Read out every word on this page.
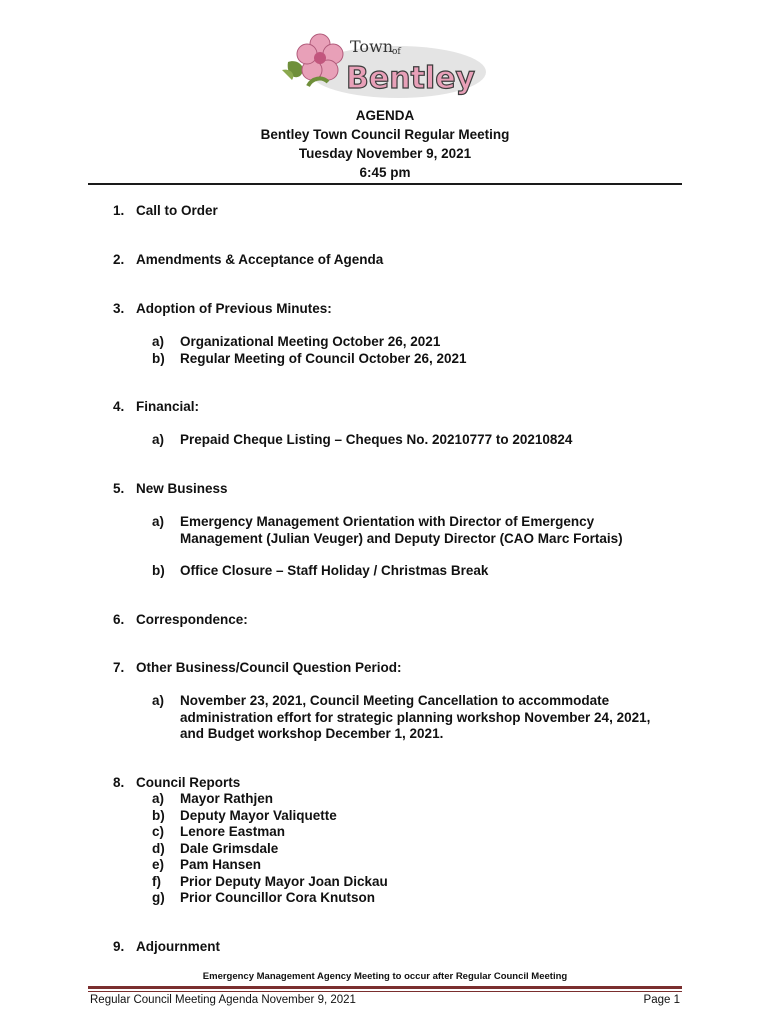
Town
of
Bentley
AGENDA
Bentley Town Council Regular Meeting
Tuesday November 9, 2021
6:45 pm
1. Call to Order
2. Amendments & Acceptance of Agenda
3. Adoption of Previous Minutes:
a) Organizational Meeting October 26, 2021
b) Regular Meeting of Council October 26, 2021
4. Financial:
a) Prepaid Cheque Listing – Cheques No. 20210777 to 20210824
5. New Business
a) Emergency Management Orientation with Director of Emergency
Management (Julian Veuger) and Deputy Director (CAO Marc Fortais)
b) Office Closure – Staff Holiday / Christmas Break
6. Correspondence:
7. Other Business/Council Question Period:
a) November 23, 2021, Council Meeting Cancellation to accommodate
administration effort for strategic planning workshop November 24, 2021,
and Budget workshop December 1, 2021.
8. Council Reports
a) Mayor Rathjen
b) Deputy Mayor Valiquette
c) Lenore Eastman
d) Dale Grimsdale
e) Pam Hansen
f) Prior Deputy Mayor Joan Dickau
g) Prior Councillor Cora Knutson
9. Adjournment
Emergency Management Agency Meeting to occur after Regular Council Meeting
Regular Council Meeting Agenda November 9, 2021	Page 1
